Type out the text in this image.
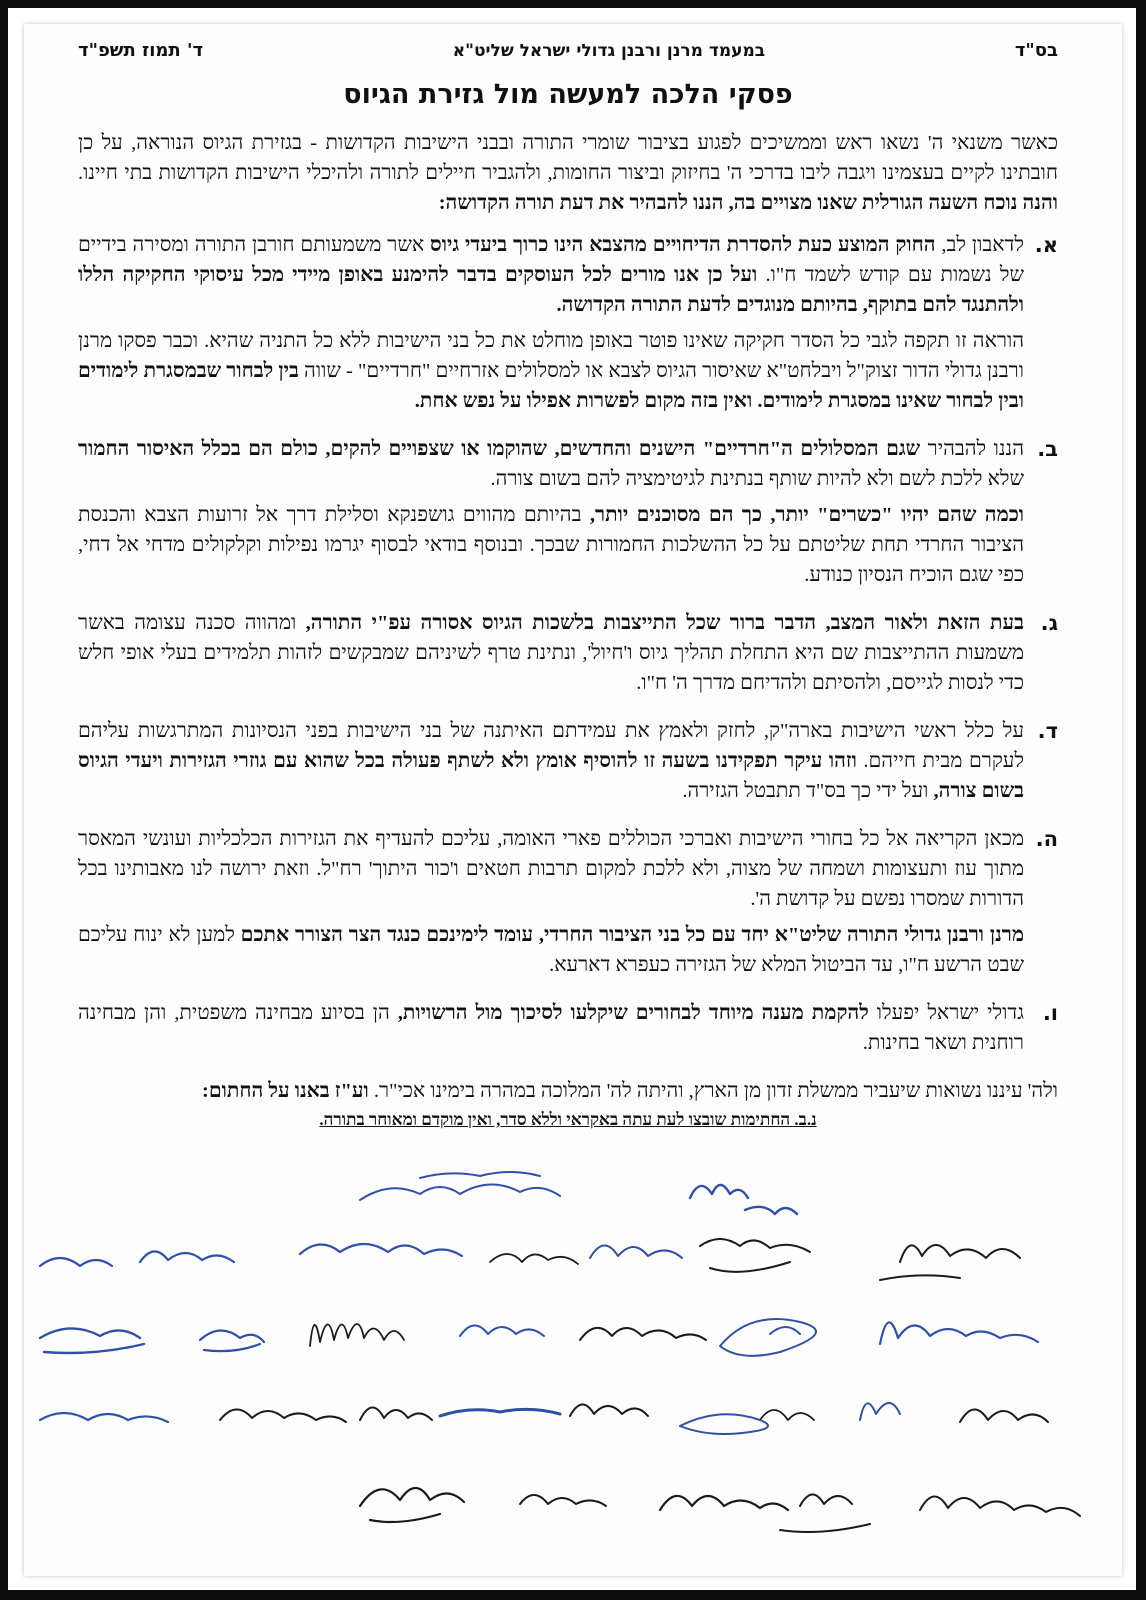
בס"ד
במעמד מרנן ורבנן גדולי ישראל שליט"א
ד' תמוז תשפ"ד
פסקי הלכה למעשה מול גזירת הגיוס

כאשר משנאי ה' נשאו ראש וממשיכים לפגוע בציבור שומרי התורה ובבני הישיבות הקדושות - בגזירת הגיוס הנוראה, על כן חובתינו לקיים בעצמינו ויגבה ליבו בדרכי ה' בחיזוק וביצור החומות, ולהגביר חיילים לתורה ולהיכלי הישיבות הקדושות בתי חיינו. והנה נוכח השעה הגורלית שאנו מצויים בה, הננו להבהיר את דעת תורה הקדושה:

א.

לדאבון לב, החוק המוצע כעת להסדרת הדיחויים מהצבא הינו כרוך ביעדי גיוס אשר משמעותם חורבן התורה ומסירה בידיים של נשמות עם קודש לשמד ח"ו. ועל כן אנו מורים לכל העוסקים בדבר להימנע באופן מיידי מכל עיסוקי החקיקה הללו ולהתנגד להם בתוקף, בהיותם מנוגדים לדעת התורה הקדושה.

הוראה זו תקפה לגבי כל הסדר חקיקה שאינו פוטר באופן מוחלט את כל בני הישיבות ללא כל התניה שהיא. וכבר פסקו מרנן ורבנן גדולי הדור זצוק"ל ויבלחט"א שאיסור הגיוס לצבא או למסלולים אזרחיים "חרדיים" - שווה בין לבחור שבמסגרת לימודים ובין לבחור שאינו במסגרת לימודים. ואין בזה מקום לפשרות אפילו על נפש אחת.

ב.

הננו להבהיר שגם המסלולים ה"חרדיים" הישנים והחדשים, שהוקמו או שצפויים להקים, כולם הם בכלל האיסור החמור שלא ללכת לשם ולא להיות שותף בנתינת לגיטימציה להם בשום צורה.

וכמה שהם יהיו "כשרים" יותר, כך הם מסוכנים יותר, בהיותם מהווים גושפנקא וסלילת דרך אל זרועות הצבא והכנסת הציבור החרדי תחת שליטתם על כל ההשלכות החמורות שבכך. ובנוסף בודאי לבסוף יגרמו נפילות וקלקולים מדחי אל דחי, כפי שגם הוכיח הנסיון כנודע.

ג.

בעת הזאת ולאור המצב, הדבר ברור שכל התייצבות בלשכות הגיוס אסורה עפ"י התורה, ומהווה סכנה עצומה באשר משמעות ההתייצבות שם היא התחלת תהליך גיוס ו'חיול', ונתינת טרף לשיניהם שמבקשים לזהות תלמידים בעלי אופי חלש כדי לנסות לגייסם, ולהסיתם ולהדיחם מדרך ה' ח"ו.

ד.

על כלל ראשי הישיבות בארה"ק, לחזק ולאמץ את עמידתם האיתנה של בני הישיבות בפני הנסיונות המתרגשות עליהם לעקרם מבית חייהם. וזהו עיקר תפקידנו בשעה זו להוסיף אומץ ולא לשתף פעולה בכל שהוא עם גוזרי הגזירות ויעדי הגיוס בשום צורה, ועל ידי כך בס"ד תתבטל הגזירה.

ה.

מכאן הקריאה אל כל בחורי הישיבות ואברכי הכוללים פארי האומה, עליכם להעדיף את הגזירות הכלכליות ועונשי המאסר מתוך עוז ותעצומות ושמחה של מצוה, ולא ללכת למקום תרבות חטאים ו'כור היתוך' רח"ל. וזאת ירושה לנו מאבותינו בכל הדורות שמסרו נפשם על קדושת ה'.

מרנן ורבנן גדולי התורה שליט"א יחד עם כל בני הציבור החרדי, עומד לימינכם כנגד הצר הצורר אתכם למען לא ינוח עליכם שבט הרשע ח"ו, עד הביטול המלא של הגזירה כעפרא דארעא.

ו.

גדולי ישראל יפעלו להקמת מענה מיוחד לבחורים שיקלעו לסיכוך מול הרשויות, הן בסיוע מבחינה משפטית, והן מבחינה רוחנית ושאר בחינות.

ולה' עיננו נשואות שיעביר ממשלת זדון מן הארץ, והיתה לה' המלוכה במהרה בימינו אכי"ר. וע"ז באנו על החתום:

נ.ב. החתימות שובצו לעת עתה באקראי וללא סדר, ואין מוקדם ומאוחר בתורה.
